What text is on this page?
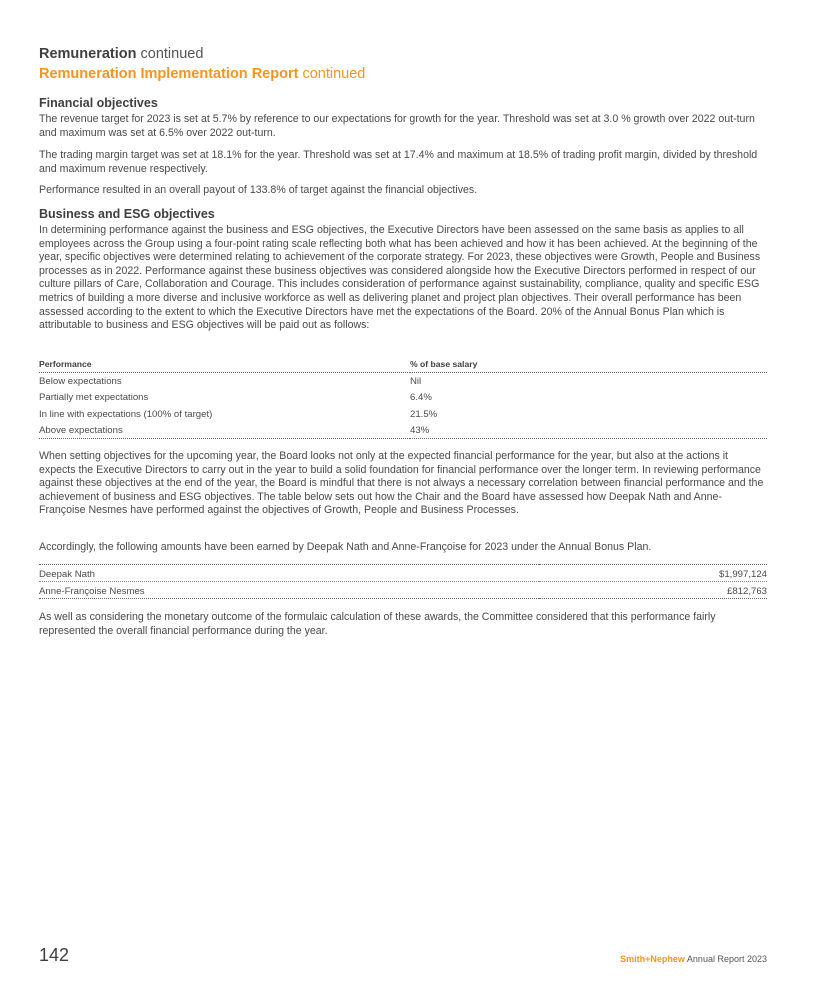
Remuneration continued
Remuneration Implementation Report continued
Financial objectives

The revenue target for 2023 is set at 5.7% by reference to our expectations for growth for the year. Threshold was set at 3.0 % growth over 2022 out-turn and maximum was set at 6.5% over 2022 out-turn.

The trading margin target was set at 18.1% for the year. Threshold was set at 17.4% and maximum at 18.5% of trading profit margin, divided by threshold and maximum revenue respectively.

Performance resulted in an overall payout of 133.8% of target against the financial objectives.

Business and ESG objectives

In determining performance against the business and ESG objectives, the Executive Directors have been assessed on the same basis as applies to all employees across the Group using a four-point rating scale reflecting both what has been achieved and how it has been achieved. At the beginning of the year, specific objectives were determined relating to achievement of the corporate strategy. For 2023, these objectives were Growth, People and Business processes as in 2022. Performance against these business objectives was considered alongside how the Executive Directors performed in respect of our culture pillars of Care, Collaboration and Courage. This includes consideration of performance against sustainability, compliance, quality and specific ESG metrics of building a more diverse and inclusive workforce as well as delivering planet and project plan objectives. Their overall performance has been assessed according to the extent to which the Executive Directors have met the expectations of the Board. 20% of the Annual Bonus Plan which is attributable to business and ESG objectives will be paid out as follows:

Performance	% of base salary
Below expectations	Nil
Partially met expectations	6.4%
In line with expectations (100% of target)	21.5%
Above expectations	43%

When setting objectives for the upcoming year, the Board looks not only at the expected financial performance for the year, but also at the actions it expects the Executive Directors to carry out in the year to build a solid foundation for financial performance over the longer term. In reviewing performance against these objectives at the end of the year, the Board is mindful that there is not always a necessary correlation between financial performance and the achievement of business and ESG objectives. The table below sets out how the Chair and the Board have assessed how Deepak Nath and Anne-Françoise Nesmes have performed against the objectives of Growth, People and Business Processes.

Accordingly, the following amounts have been earned by Deepak Nath and Anne-Françoise for 2023 under the Annual Bonus Plan.

Deepak Nath	$1,997,124
Anne-Françoise Nesmes	£812,763

As well as considering the monetary outcome of the formulaic calculation of these awards, the Committee considered that this performance fairly represented the overall financial performance during the year.

142	Smith+Nephew Annual Report 2023
